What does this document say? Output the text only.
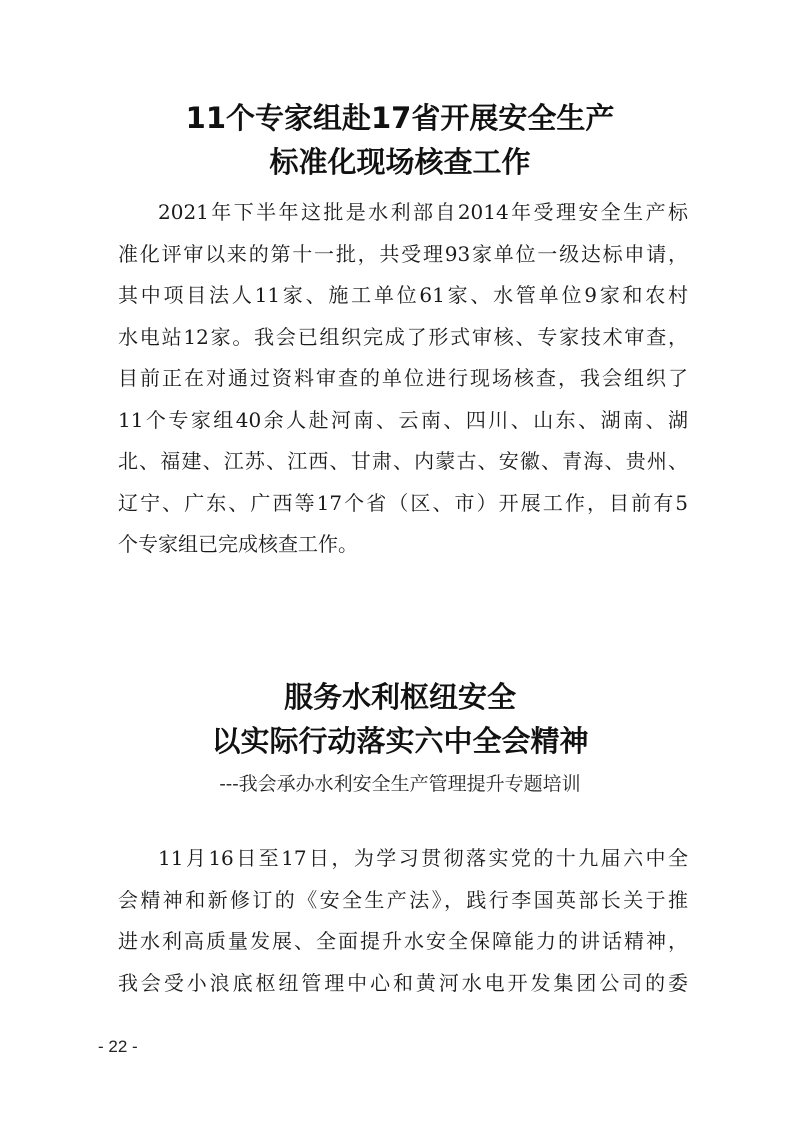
11个专家组赴17省开展安全生产
标准化现场核查工作
2021年下半年这批是水利部自2014年受理安全生产标
准化评审以来的第十一批，共受理93家单位一级达标申请，
其中项目法人11家、施工单位61家、水管单位9家和农村
水电站12家。我会已组织完成了形式审核、专家技术审查，
目前正在对通过资料审查的单位进行现场核查，我会组织了
11个专家组40余人赴河南、云南、四川、山东、湖南、湖
北、福建、江苏、江西、甘肃、内蒙古、安徽、青海、贵州、
辽宁、广东、广西等17个省（区、市）开展工作，目前有5
个专家组已完成核查工作。
服务水利枢纽安全
以实际行动落实六中全会精神
---我会承办水利安全生产管理提升专题培训
11月16日至17日，为学习贯彻落实党的十九届六中全
会精神和新修订的《安全生产法》，践行李国英部长关于推
进水利高质量发展、全面提升水安全保障能力的讲话精神，
我会受小浪底枢纽管理中心和黄河水电开发集团公司的委
- 22 -
